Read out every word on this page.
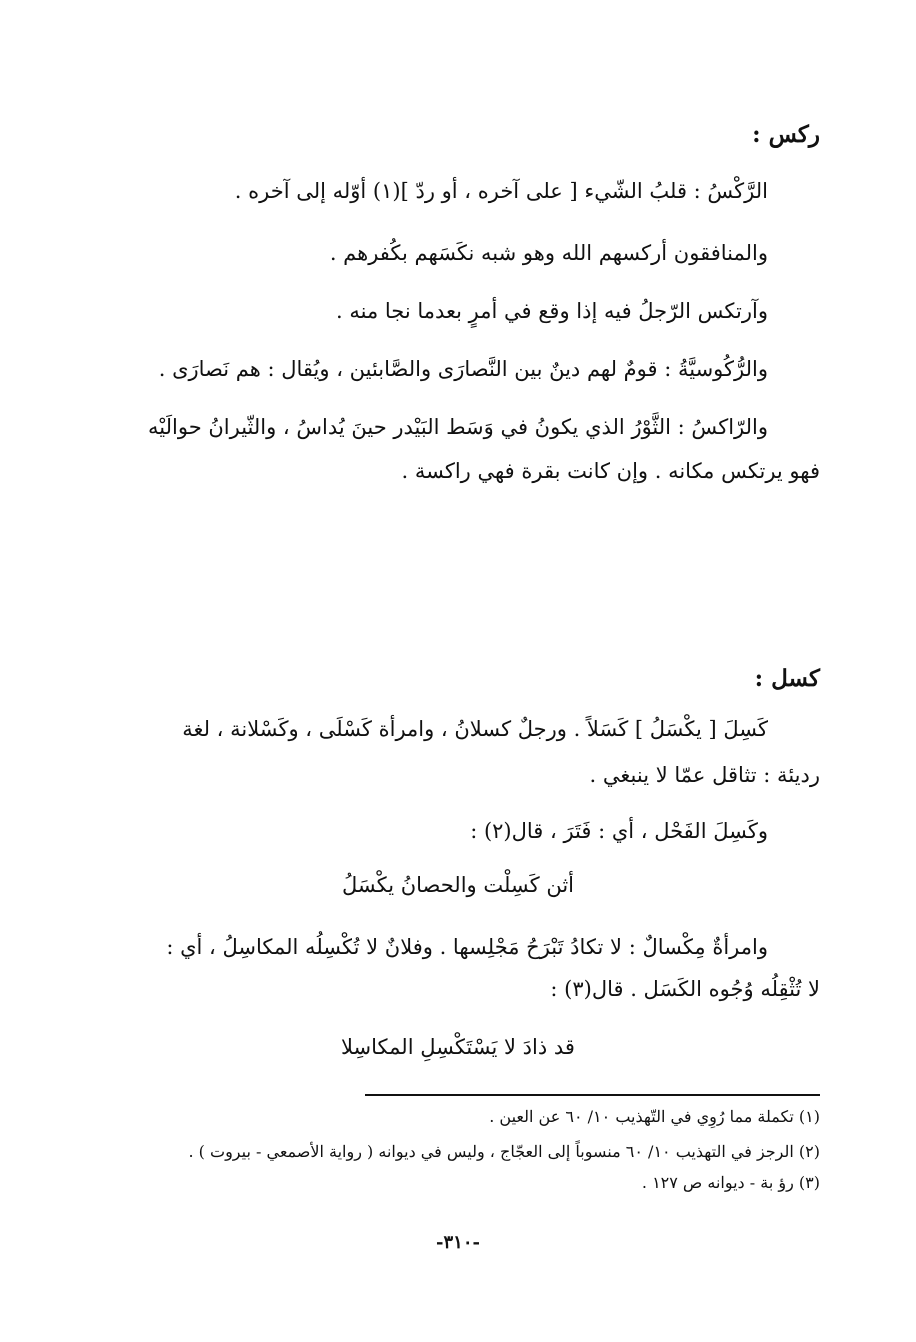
ركس :
الرَّكْسُ : قلبُ الشّيء [ على آخره ، أو ردّ ](١) أوّله إلى آخره .
والمنافقون أركسهم الله وهو شبه نكَسَهم بكُفرهم .
وآرتكس الرّجلُ فيه إذا وقع في أمرٍ بعدما نجا منه .
والرُّكُوسيَّةُ : قومٌ لهم دينٌ بين النَّصارَى والصَّابئين ، ويُقال : هم نَصارَى .
والرّاكسُ : الثَّوْرُ الذي يكونُ في وَسَط البَيْدر حينَ يُداسُ ، والثّيرانُ حوالَيْه
فهو يرتكس مكانه . وإن كانت بقرة فهي راكسة .
كسل :
كَسِلَ [ يكْسَلُ ] كَسَلاً . ورجلٌ كسلانُ ، وامرأة كَسْلَى ، وكَسْلانة ، لغة
رديئة : تثاقل عمّا لا ينبغي .
وكَسِلَ الفَحْل ، أي : فَتَرَ ، قال(٢) :
أثن كَسِلْت والحصانُ يكْسَلُ
وامرأةٌ مِكْسالٌ : لا تكادُ تَبْرَحُ مَجْلِسها . وفلانٌ لا تُكْسِلُه المكاسِلُ ، أي :
لا تُثْقِلُه وُجُوه الكَسَل . قال(٣) :
قد ذادَ لا يَسْتَكْسِلِ المكاسِلا
(١) تكملة مما رُوِي في التّهذيب ١٠/ ٦٠ عن العين .
(٢) الرجز في التهذيب ١٠/ ٦٠ منسوباً إلى العجّاج ، وليس في ديوانه ( رواية الأصمعي - بيروت ) .
(٣) رؤ بة - ديوانه ص ١٢٧ .
-٣١٠-
